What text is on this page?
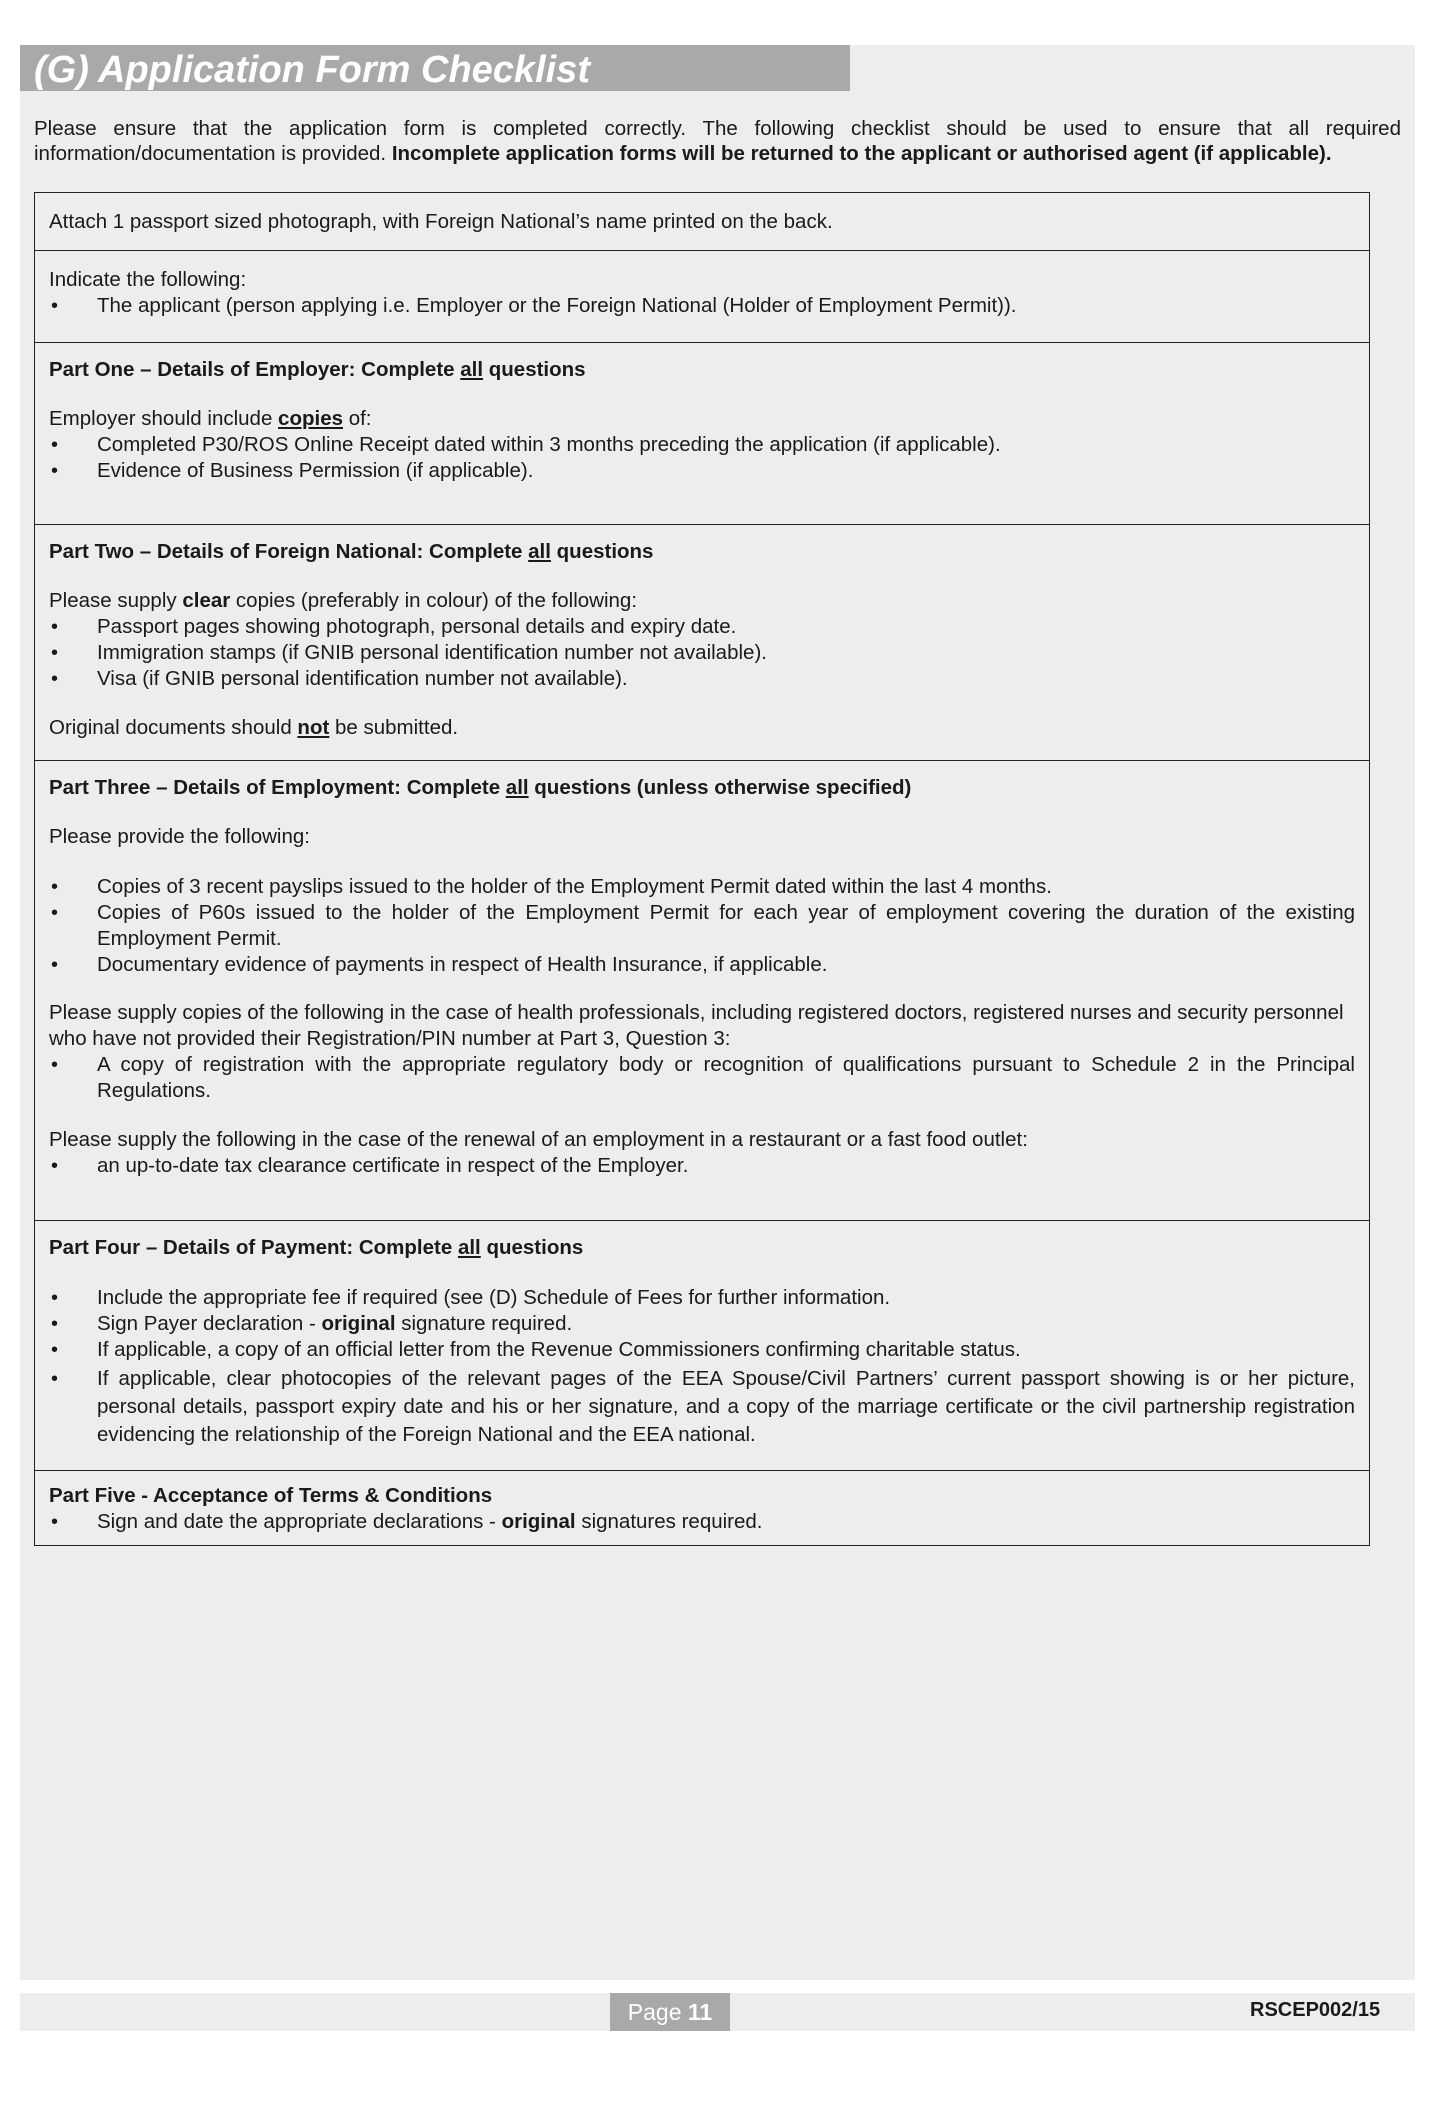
(G) Application Form Checklist
Please ensure that the application form is completed correctly. The following checklist should be used to ensure that all required information/documentation is provided. Incomplete application forms will be returned to the applicant or authorised agent (if applicable).

Attach 1 passport sized photograph, with Foreign National’s name printed on the back.

Indicate the following:

• The applicant (person applying i.e. Employer or the Foreign National (Holder of Employment Permit)).

Part One – Details of Employer: Complete all questions

Employer should include copies of:

• Completed P30/ROS Online Receipt dated within 3 months preceding the application (if applicable).
• Evidence of Business Permission (if applicable).

Part Two – Details of Foreign National: Complete all questions

Please supply clear copies (preferably in colour) of the following:

• Passport pages showing photograph, personal details and expiry date.
• Immigration stamps (if GNIB personal identification number not available).
• Visa (if GNIB personal identification number not available).

Original documents should not be submitted.

Part Three – Details of Employment: Complete all questions (unless otherwise specified)

Please provide the following:

• Copies of 3 recent payslips issued to the holder of the Employment Permit dated within the last 4 months.
• Copies of P60s issued to the holder of the Employment Permit for each year of employment covering the duration of the existing Employment Permit.
• Documentary evidence of payments in respect of Health Insurance, if applicable.

Please supply copies of the following in the case of health professionals, including registered doctors, registered nurses and security personnel who have not provided their Registration/PIN number at Part 3, Question 3:

• A copy of registration with the appropriate regulatory body or recognition of qualifications pursuant to Schedule 2 in the Principal Regulations.

Please supply the following in the case of the renewal of an employment in a restaurant or a fast food outlet:

• an up-to-date tax clearance certificate in respect of the Employer.

Part Four – Details of Payment: Complete all questions

• Include the appropriate fee if required (see (D) Schedule of Fees for further information.
• Sign Payer declaration - original signature required.
• If applicable, a copy of an official letter from the Revenue Commissioners confirming charitable status.
• If applicable, clear photocopies of the relevant pages of the EEA Spouse/Civil Partners’ current passport showing is or her picture, personal details, passport expiry date and his or her signature, and a copy of the marriage certificate or the civil partnership registration evidencing the relationship of the Foreign National and the EEA national.

Part Five - Acceptance of Terms & Conditions

• Sign and date the appropriate declarations - original signatures required.
Page 11	RSCEP002/15
